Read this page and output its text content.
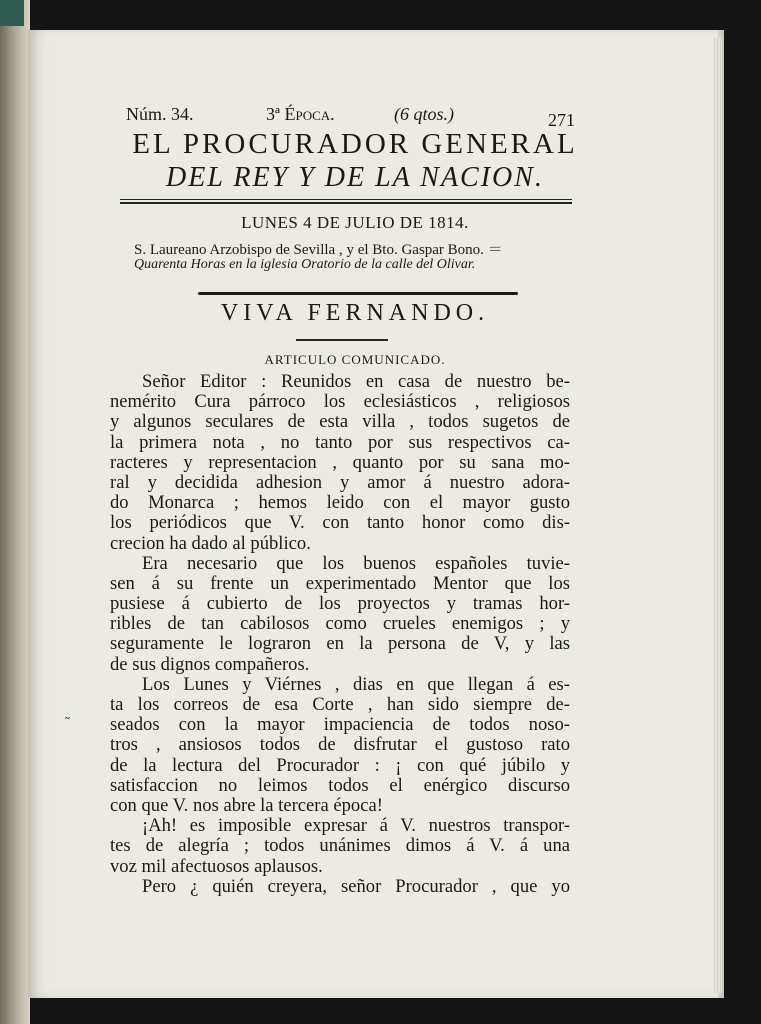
Núm. 34.	3ª Época.	(6 qtos.)	271
EL PROCURADOR GENERAL
DEL REY Y DE LA NACION.
LUNES 4 DE JULIO DE 1814.
S. Laureano Arzobispo de Sevilla , y el Bto. Gaspar Bono. ＝
Quarenta Horas en la iglesia Oratorio de la calle del Olivar.
VIVA FERNANDO.
ARTICULO COMUNICADO.
Señor Editor : Reunidos en casa de nuestro be-
nemérito Cura párroco los eclesiásticos , religiosos
y algunos seculares de esta villa , todos sugetos de
la primera nota , no tanto por sus respectivos ca-
racteres y representacion , quanto por su sana mo-
ral y decidida adhesion y amor á nuestro adora-
do Monarca ; hemos leido con el mayor gusto
los periódicos que V. con tanto honor como dis-
crecion ha dado al público.
Era necesario que los buenos españoles tuvie-
sen á su frente un experimentado Mentor que los
pusiese á cubierto de los proyectos y tramas hor-
ribles de tan cabilosos como crueles enemigos ; y
seguramente le lograron en la persona de V, y las
de sus dignos compañeros.
Los Lunes y Viérnes , dias en que llegan á es-
ta los correos de esa Corte , han sido siempre de-
seados con la mayor impaciencia de todos noso-
tros , ansiosos todos de disfrutar el gustoso rato
de la lectura del Procurador : ¡ con qué júbilo y
satisfaccion no leimos todos el enérgico discurso
con que V. nos abre la tercera época!
¡Ah! es imposible expresar á V. nuestros transpor-
tes de alegría ; todos unánimes dimos á V. á una
voz mil afectuosos aplausos.
Pero ¿ quién creyera, señor Procurador , que yo
˜
